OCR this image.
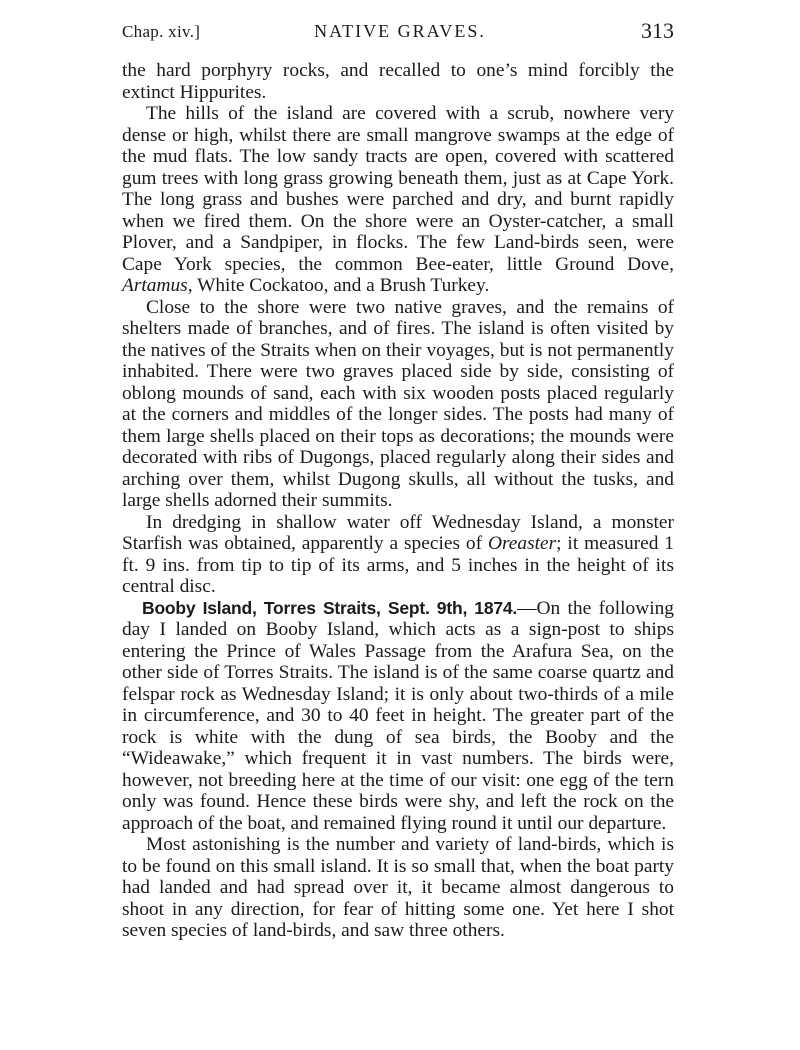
Chap. xiv.]	NATIVE GRAVES.	313

the hard porphyry rocks, and recalled to one’s mind forcibly the extinct Hippurites.

The hills of the island are covered with a scrub, nowhere very dense or high, whilst there are small mangrove swamps at the edge of the mud flats. The low sandy tracts are open, covered with scattered gum trees with long grass growing beneath them, just as at Cape York. The long grass and bushes were parched and dry, and burnt rapidly when we fired them. On the shore were an Oyster-catcher, a small Plover, and a Sandpiper, in flocks. The few Land-birds seen, were Cape York species, the common Bee-eater, little Ground Dove, Artamus, White Cockatoo, and a Brush Turkey.

Close to the shore were two native graves, and the remains of shelters made of branches, and of fires. The island is often visited by the natives of the Straits when on their voyages, but is not permanently inhabited. There were two graves placed side by side, consisting of oblong mounds of sand, each with six wooden posts placed regularly at the corners and middles of the longer sides. The posts had many of them large shells placed on their tops as decorations; the mounds were decorated with ribs of Dugongs, placed regularly along their sides and arching over them, whilst Dugong skulls, all without the tusks, and large shells adorned their summits.

In dredging in shallow water off Wednesday Island, a monster Starfish was obtained, apparently a species of Oreaster; it measured 1 ft. 9 ins. from tip to tip of its arms, and 5 inches in the height of its central disc.

Booby Island, Torres Straits, Sept. 9th, 1874.—On the following day I landed on Booby Island, which acts as a sign-post to ships entering the Prince of Wales Passage from the Arafura Sea, on the other side of Torres Straits. The island is of the same coarse quartz and felspar rock as Wednesday Island; it is only about two-thirds of a mile in circumference, and 30 to 40 feet in height. The greater part of the rock is white with the dung of sea birds, the Booby and the “Wideawake,” which frequent it in vast numbers. The birds were, however, not breeding here at the time of our visit: one egg of the tern only was found. Hence these birds were shy, and left the rock on the approach of the boat, and remained flying round it until our departure.

Most astonishing is the number and variety of land-birds, which is to be found on this small island. It is so small that, when the boat party had landed and had spread over it, it became almost dangerous to shoot in any direction, for fear of hitting some one. Yet here I shot seven species of land-birds, and saw three others.
